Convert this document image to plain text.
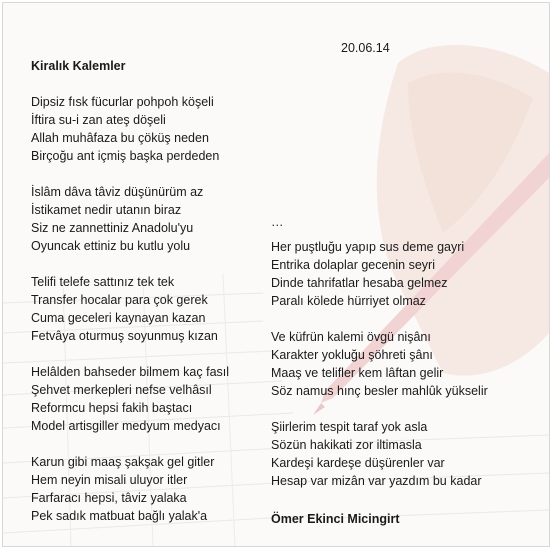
20.06.14
Kiralık Kalemler
Dipsiz fısk fücurlar pohpoh köşeli
İftira su-i zan ateş döşeli
Allah muhâfaza bu çöküş neden
Birçoğu ant içmiş başka perdeden
İslâm dâva tâviz düşünürüm az
İstikamet nedir utanın biraz
Siz ne zannettiniz Anadolu'yu
Oyuncak ettiniz bu kutlu yolu
Telifi telefe sattınız tek tek
Transfer hocalar para çok gerek
Cuma geceleri kaynayan kazan
Fetvâya oturmuş soyunmuş kızan
Helâlden bahseder bilmem kaç fasıl
Şehvet merkepleri nefse velhâsıl
Reformcu hepsi fakih baştacı
Model artisgiller medyum medyacı
Karun gibi maaş şakşak gel gitler
Hem neyin misali uluyor itler
Farfaracı hepsi, tâviz yalaka
Pek sadık matbuat bağlı yalak'a
…
Her puştluğu yapıp sus deme gayri
Entrika dolaplar gecenin seyri
Dinde tahrifatlar hesaba gelmez
Paralı kölede hürriyet olmaz
Ve küfrün kalemi övgü nişânı
Karakter yokluğu şöhreti şânı
Maaş ve telifler kem lâftan gelir
Söz namus hınç besler mahlûk yükselir
Şiirlerim tespit taraf yok asla
Sözün hakikati zor iltimasla
Kardeşi kardeşe düşürenler var
Hesap var mizân var yazdım bu kadar
Ömer Ekinci Micingirt
